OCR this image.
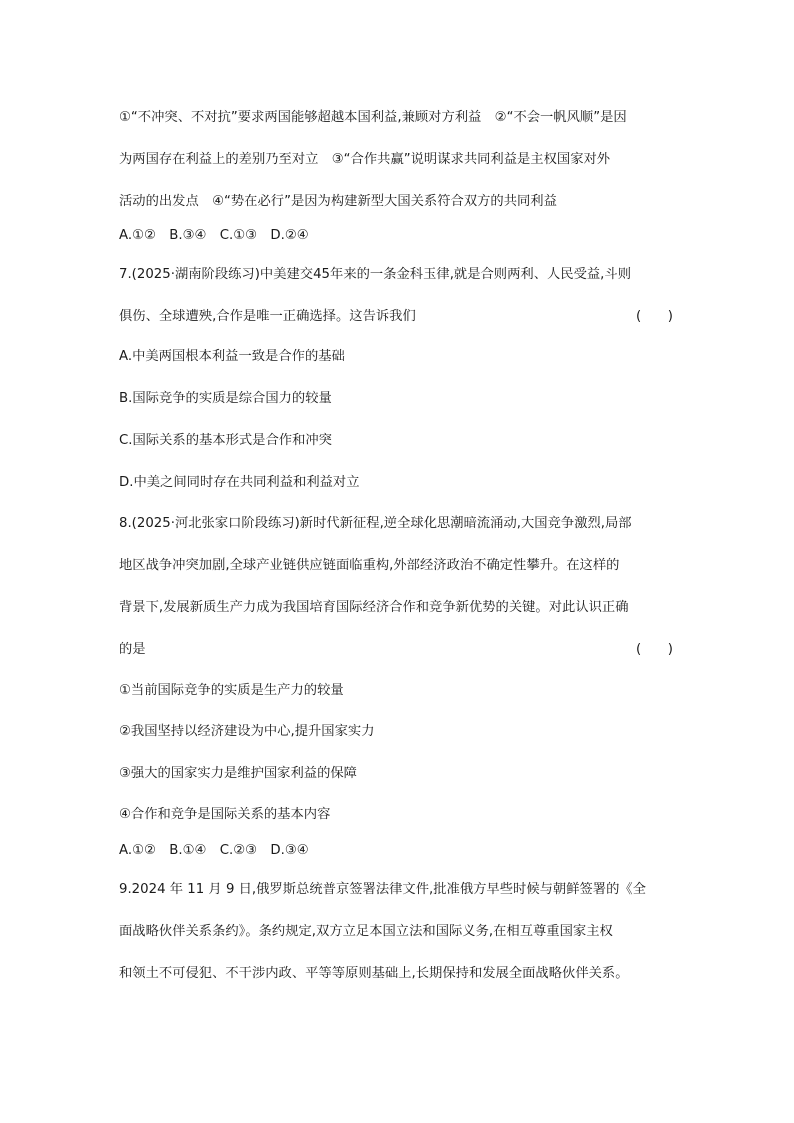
①“不冲突、不对抗”要求两国能够超越本国利益,兼顾对方利益　②“不会一帆风顺”是因
为两国存在利益上的差别乃至对立　③“合作共赢”说明谋求共同利益是主权国家对外
活动的出发点　④“势在必行”是因为构建新型大国关系符合双方的共同利益
A.①②　B.③④　C.①③　D.②④
7.(2025·湖南阶段练习)中美建交45年来的一条金科玉律,就是合则两利、人民受益,斗则
俱伤、全球遭殃,合作是唯一正确选择。这告诉我们	(　　)
A.中美两国根本利益一致是合作的基础
B.国际竞争的实质是综合国力的较量
C.国际关系的基本形式是合作和冲突
D.中美之间同时存在共同利益和利益对立
8.(2025·河北张家口阶段练习)新时代新征程,逆全球化思潮暗流涌动,大国竞争激烈,局部
地区战争冲突加剧,全球产业链供应链面临重构,外部经济政治不确定性攀升。在这样的
背景下,发展新质生产力成为我国培育国际经济合作和竞争新优势的关键。对此认识正确
的是	(　　)
①当前国际竞争的实质是生产力的较量
②我国坚持以经济建设为中心,提升国家实力
③强大的国家实力是维护国家利益的保障
④合作和竞争是国际关系的基本内容
A.①②　B.①④　C.②③　D.③④
9.2024 年 11 月 9 日,俄罗斯总统普京签署法律文件,批准俄方早些时候与朝鲜签署的《全
面战略伙伴关系条约》。条约规定,双方立足本国立法和国际义务,在相互尊重国家主权
和领土不可侵犯、不干涉内政、平等等原则基础上,长期保持和发展全面战略伙伴关系。
